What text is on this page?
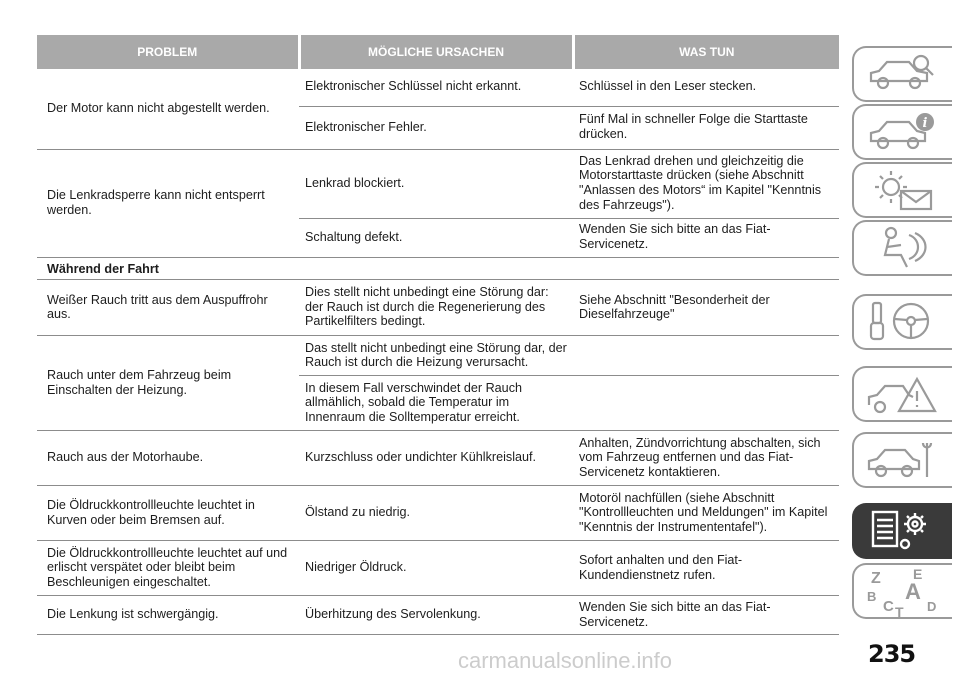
PROBLEM	MÖGLICHE URSACHEN	WAS TUN
Der Motor kann nicht abgestellt werden.	Elektronischer Schlüssel nicht erkannt.	Schlüssel in den Leser stecken.
	Elektronischer Fehler.	Fünf Mal in schneller Folge die Starttaste drücken.
Die Lenkradsperre kann nicht entsperrt werden.	Lenkrad blockiert.	Das Lenkrad drehen und gleichzeitig die Motorstarttaste drücken (siehe Abschnitt "Anlassen des Motors“ im Kapitel "Kenntnis des Fahrzeugs").
	Schaltung defekt.	Wenden Sie sich bitte an das Fiat-Servicenetz.
Während der Fahrt		
Weißer Rauch tritt aus dem Auspuffrohr aus.	Dies stellt nicht unbedingt eine Störung dar: der Rauch ist durch die Regenerierung des Partikelfilters bedingt.	Siehe Abschnitt "Besonderheit der Dieselfahrzeuge"
Rauch unter dem Fahrzeug beim Einschalten der Heizung.	Das stellt nicht unbedingt eine Störung dar, der Rauch ist durch die Heizung verursacht.	
	In diesem Fall verschwindet der Rauch allmählich, sobald die Temperatur im Innenraum die Solltemperatur erreicht.	
Rauch aus der Motorhaube.	Kurzschluss oder undichter Kühlkreislauf.	Anhalten, Zündvorrichtung abschalten, sich vom Fahrzeug entfernen und das Fiat-Servicenetz kontaktieren.
Die Öldruckkontrollleuchte leuchtet in Kurven oder beim Bremsen auf.	Ölstand zu niedrig.	Motoröl nachfüllen (siehe Abschnitt "Kontrollleuchten und Meldungen" im Kapitel "Kenntnis der Instrumententafel").
Die Öldruckkontrollleuchte leuchtet auf und erlischt verspätet oder bleibt beim Beschleunigen eingeschaltet.	Niedriger Öldruck.	Sofort anhalten und den Fiat-Kundendienstnetz rufen.
Die Lenkung ist schwergängig.	Überhitzung des Servolenkung.	Wenden Sie sich bitte an das Fiat-Servicenetz.
i
Z E
A
B
C T D
235
carmanualsonline.info
